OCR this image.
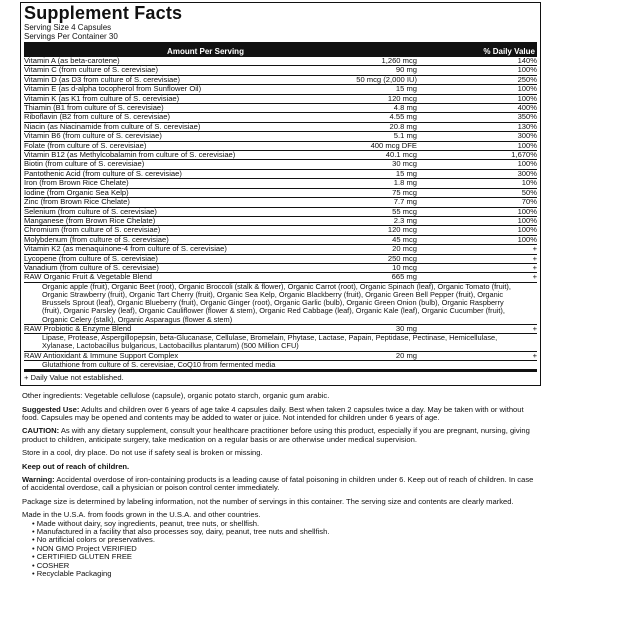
Supplement Facts
Serving Size 4 Capsules
Servings Per Container 30
Amount Per Serving	% Daily Value
Vitamin A (as beta-carotene)	1,260 mcg	140%
Vitamin C (from culture of S. cerevisiae)	90 mg	100%
Vitamin D (as D3 from culture of S. cerevisiae)	50 mcg (2,000 IU)	250%
Vitamin E (as d-alpha tocopherol from Sunflower Oil)	15 mg	100%
Vitamin K (as K1 from culture of S. cerevisiae)	120 mcg	100%
Thiamin (B1 from culture of S. cerevisiae)	4.8 mg	400%
Riboflavin (B2 from culture of S. cerevisiae)	4.55 mg	350%
Niacin (as Niacinamide from culture of S. cerevisiae)	20.8 mg	130%
Vitamin B6 (from culture of S. cerevisiae)	5.1 mg	300%
Folate (from culture of S. cerevisiae)	400 mcg DFE	100%
Vitamin B12 (as Methylcobalamin from culture of S. cerevisiae)	40.1 mcg	1,670%
Biotin (from culture of S. cerevisiae)	30 mcg	100%
Pantothenic Acid (from culture of S. cerevisiae)	15 mg	300%
Iron (from Brown Rice Chelate)	1.8 mg	10%
Iodine (from Organic Sea Kelp)	75 mcg	50%
Zinc (from Brown Rice Chelate)	7.7 mg	70%
Selenium (from culture of S. cerevisiae)	55 mcg	100%
Manganese (from Brown Rice Chelate)	2.3 mg	100%
Chromium (from culture of S. cerevisiae)	120 mcg	100%
Molybdenum (from culture of S. cerevisiae)	45 mcg	100%
Vitamin K2 (as menaquinone-4 from culture of S. cerevisiae)	20 mcg	+
Lycopene (from culture of S. cerevisiae)	250 mcg	+
Vanadium (from culture of S. cerevisiae)	10 mcg	+
RAW Organic Fruit & Vegetable Blend	665 mg	+
Organic apple (fruit), Organic Beet (root), Organic Broccoli (stalk & flower), Organic Carrot (root), Organic Spinach (leaf), Organic Tomato (fruit), Organic Strawberry (fruit), Organic Tart Cherry (fruit), Organic Sea Kelp, Organic Blackberry (fruit), Organic Green Bell Pepper (fruit), Organic Brussels Sprout (leaf), Organic Blueberry (fruit), Organic Ginger (root), Organic Garlic (bulb), Organic Green Onion (bulb), Organic Raspberry (fruit), Organic Parsley (leaf), Organic Cauliflower (flower & stem), Organic Red Cabbage (leaf), Organic Kale (leaf), Organic Cucumber (fruit), Organic Celery (stalk), Organic Asparagus (flower & stem)
RAW Probiotic & Enzyme Blend	30 mg	+
Lipase, Protease, Aspergillopepsin, beta-Glucanase, Cellulase, Bromelain, Phytase, Lactase, Papain, Peptidase, Pectinase, Hemicellulase, Xylanase, Lactobacillus bulgaricus, Lactobacillus plantarum) (500 Million CFU)
RAW Antioxidant & Immune Support Complex	20 mg	+
Glutathione from culture of S. cerevisiae, CoQ10 from fermented media
+ Daily Value not established.

Other ingredients: Vegetable cellulose (capsule), organic potato starch, organic gum arabic.

Suggested Use: Adults and children over 6 years of age take 4 capsules daily. Best when taken 2 capsules twice a day. May be taken with or without food. Capsules may be opened and contents may be added to water or juice. Not intended for children under 6 years of age.

CAUTION: As with any dietary supplement, consult your healthcare practitioner before using this product, especially if you are pregnant, nursing, giving product to children, anticipate surgery, take medication on a regular basis or are otherwise under medical supervision.

Store in a cool, dry place. Do not use if safety seal is broken or missing.

Keep out of reach of children.

Warning: Accidental overdose of iron-containing products is a leading cause of fatal poisoning in children under 6. Keep out of reach of children. In case of accidental overdose, call a physician or poison control center immediately.

Package size is determined by labeling information, not the number of servings in this container. The serving size and contents are clearly marked.

Made in the U.S.A. from foods grown in the U.S.A. and other countries.

• Made without dairy, soy ingredients, peanut, tree nuts, or shellfish.
• Manufactured in a facility that also processes soy, dairy, peanut, tree nuts and shellfish.
• No artificial colors or preservatives.
• NON GMO Project VERIFIED
• CERTIFIED GLUTEN FREE
• COSHER
• Recyclable Packaging
